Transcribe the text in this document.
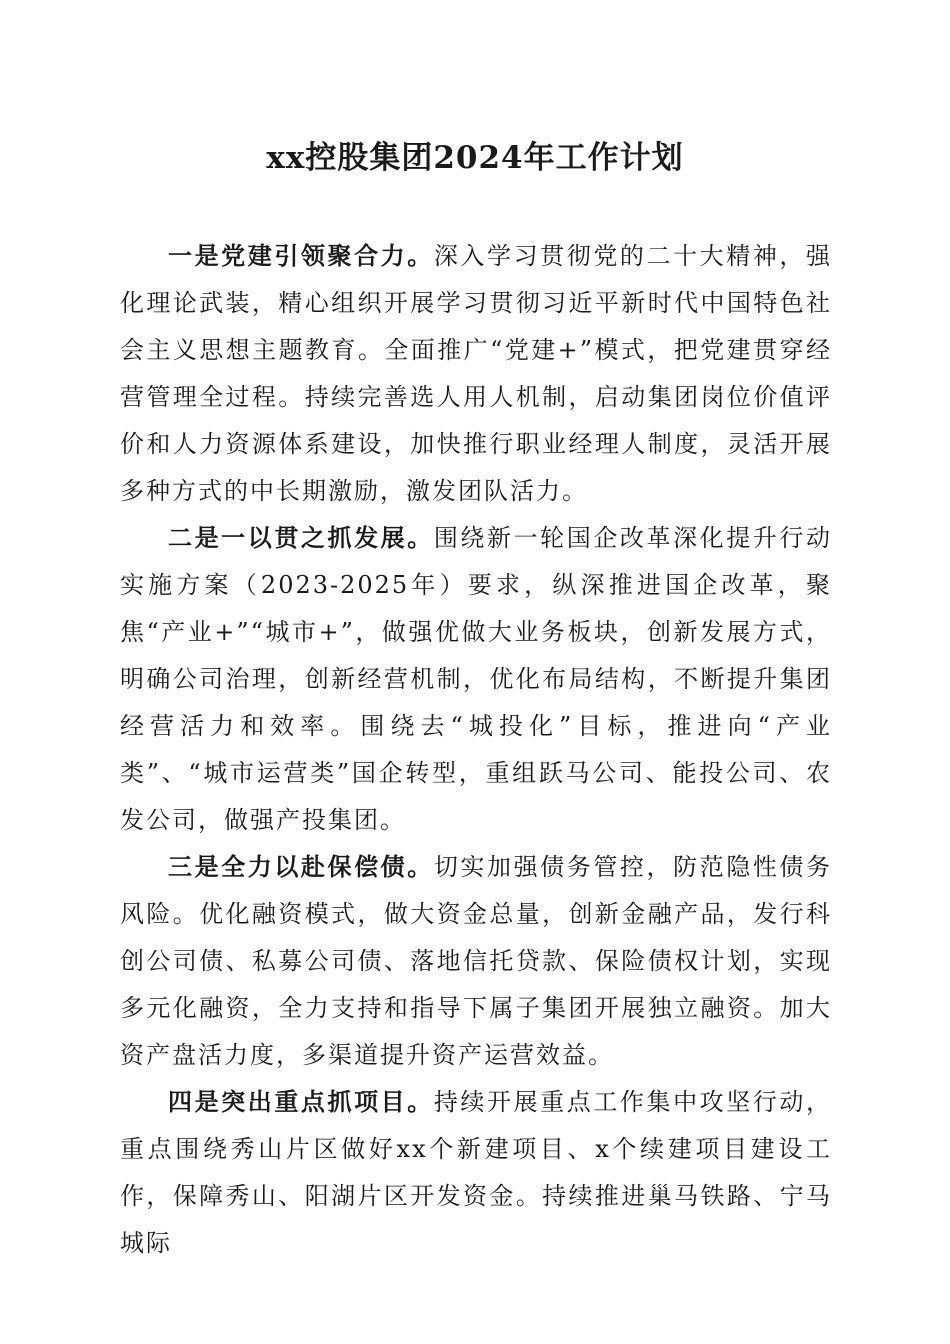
xx控股集团2024年工作计划

一是党建引领聚合力。深入学习贯彻党的二十大精神，强化理论武装，精心组织开展学习贯彻习近平新时代中国特色社会主义思想主题教育。全面推广“党建+”模式，把党建贯穿经营管理全过程。持续完善选人用人机制，启动集团岗位价值评价和人力资源体系建设，加快推行职业经理人制度，灵活开展多种方式的中长期激励，激发团队活力。

二是一以贯之抓发展。围绕新一轮国企改革深化提升行动实施方案（2023-2025年）要求，纵深推进国企改革，聚焦“产业+”“城市+”，做强优做大业务板块，创新发展方式，明确公司治理，创新经营机制，优化布局结构，不断提升集团经营活力和效率。围绕去“城投化”目标，推进向“产业类”、“城市运营类”国企转型，重组跃马公司、能投公司、农发公司，做强产投集团。

三是全力以赴保偿债。切实加强债务管控，防范隐性债务风险。优化融资模式，做大资金总量，创新金融产品，发行科创公司债、私募公司债、落地信托贷款、保险债权计划，实现多元化融资，全力支持和指导下属子集团开展独立融资。加大资产盘活力度，多渠道提升资产运营效益。

四是突出重点抓项目。持续开展重点工作集中攻坚行动，重点围绕秀山片区做好xx个新建项目、x个续建项目建设工作，保障秀山、阳湖片区开发资金。持续推进巢马铁路、宁马城际
